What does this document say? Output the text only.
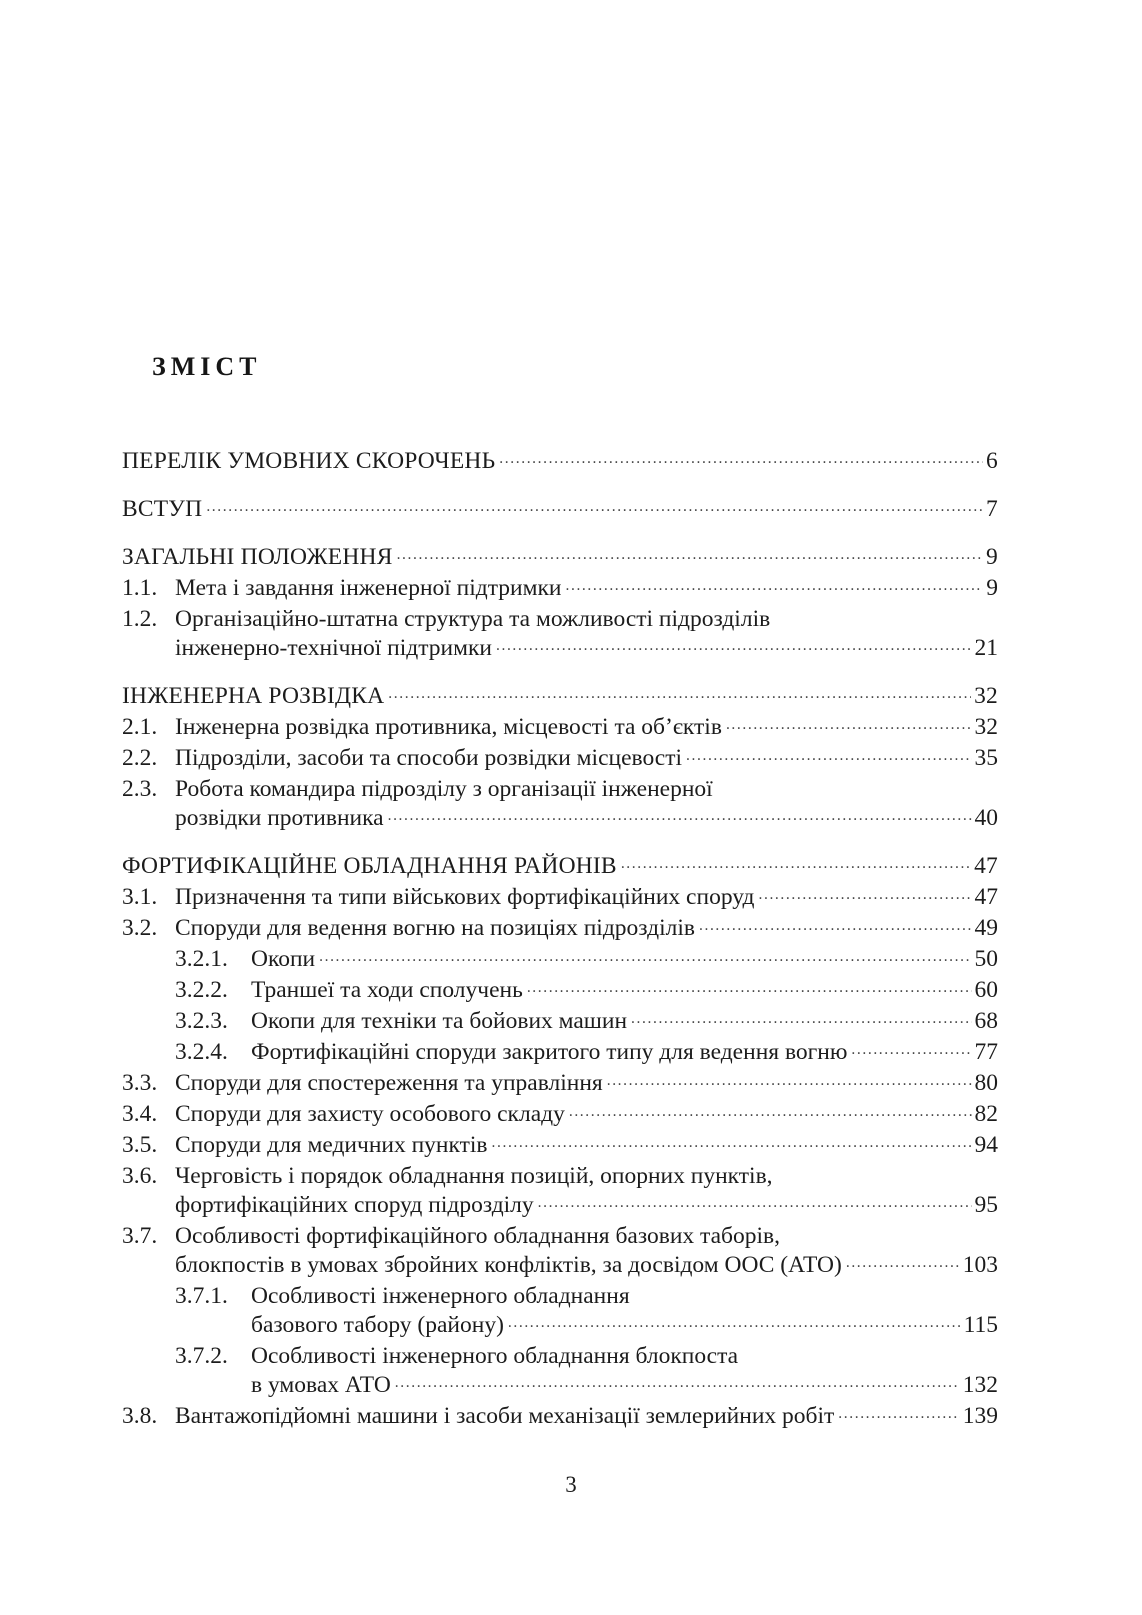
ЗМІСТ
ПЕРЕЛІК УМОВНИХ СКОРОЧЕНЬ .....	6
ВСТУП .....	7
ЗАГАЛЬНІ ПОЛОЖЕННЯ .....	9
1.1. Мета і завдання інженерної підтримки .....	9
1.2. Організаційно-штатна структура та можливості підрозділів
інженерно-технічної підтримки .....	21
ІНЖЕНЕРНА РОЗВІДКА .....	32
2.1. Інженерна розвідка противника, місцевості та об’єктів .....	32
2.2. Підрозділи, засоби та способи розвідки місцевості .....	35
2.3. Робота командира підрозділу з організації інженерної
розвідки противника .....	40
ФОРТИФІКАЦІЙНЕ ОБЛАДНАННЯ РАЙОНІВ .....	47
3.1. Призначення та типи військових фортифікаційних споруд .....	47
3.2. Споруди для ведення вогню на позиціях підрозділів .....	49
3.2.1. Окопи .....	50
3.2.2. Траншеї та ходи сполучень .....	60
3.2.3. Окопи для техніки та бойових машин .....	68
3.2.4. Фортифікаційні споруди закритого типу для ведення вогню .....	77
3.3. Споруди для спостереження та управління .....	80
3.4. Споруди для захисту особового складу .....	82
3.5. Споруди для медичних пунктів .....	94
3.6. Черговість і порядок обладнання позицій, опорних пунктів,
фортифікаційних споруд підрозділу .....	95
3.7. Особливості фортифікаційного обладнання базових таборів,
блокпостів в умовах збройних конфліктів, за досвідом ООС (АТО) .....	103
3.7.1. Особливості інженерного обладнання
базового табору (району) .....	115
3.7.2. Особливості інженерного обладнання блокпоста
в умовах АТО .....	132
3.8. Вантажопідйомні машини і засоби механізації землерийних робіт .....	139
3
